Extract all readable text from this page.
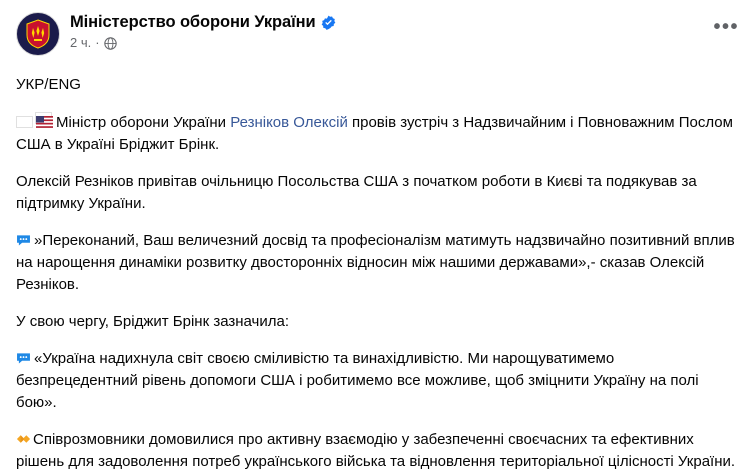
Міністерство оборони України
2 ч. ·
•••

УКР/ENG

Міністр оборони України Резніков Олексій провів зустріч з Надзвичайним і Повноважним Послом США в Україні Бріджит Брінк.

Олексій Резніков привітав очільницю Посольства США з початком роботи в Києві та подякував за підтримку України.

»Переконаний, Ваш величезний досвід та професіоналізм матимуть надзвичайно позитивний вплив на нарощення динаміки розвитку двосторонніх відносин між нашими державами»,- сказав Олексій Резніков.

У свою чергу, Бріджит Брінк зазначила:

«Україна надихнула світ своєю смiливістю та винахідливістю. Ми нарощуватимемо безпрецедентний рівень допомоги США і робитимемо все можливе, щоб зміцнити Україну на полі бою».

Співрозмовники домовилися про активну взаємодію у забезпеченні своєчасних та ефективних рішень для задоволення потреб українського війська та відновлення територіальної цілісності України.
